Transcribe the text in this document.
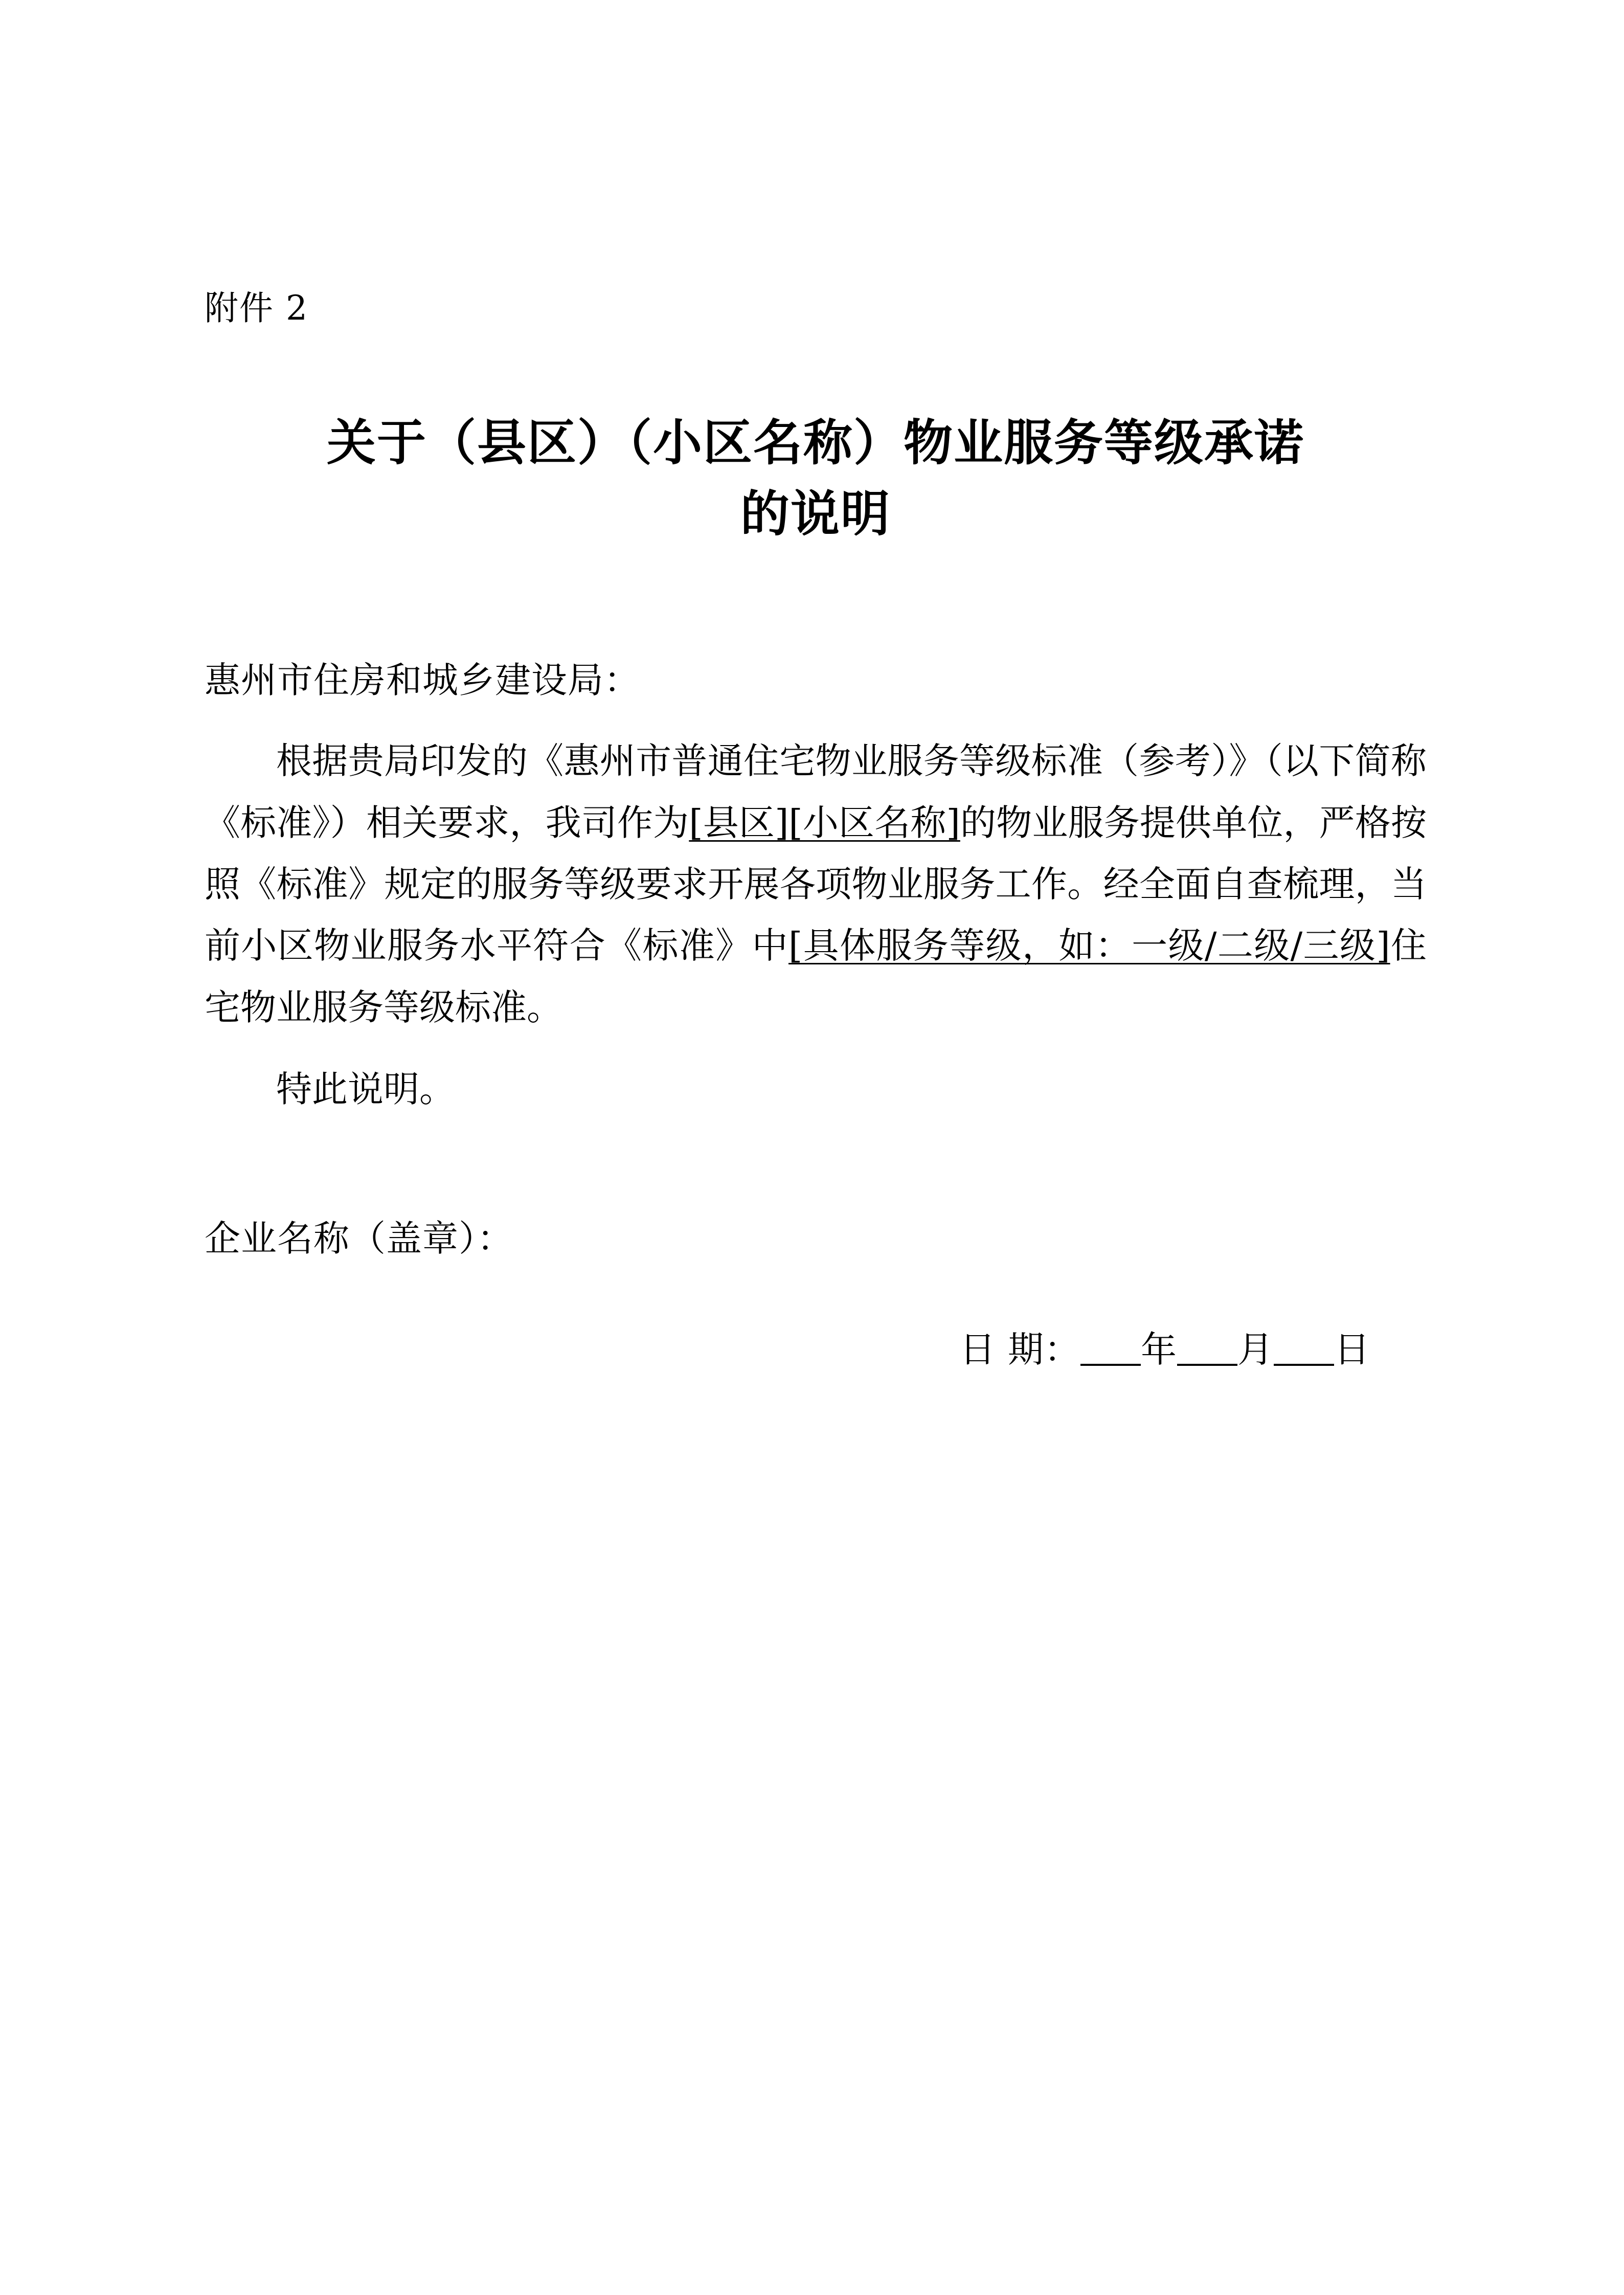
附件 2
关于（县区）（小区名称）物业服务等级承诺
的说明
惠州市住房和城乡建设局：

根据贵局印发的《惠州市普通住宅物业服务等级标准（参考）》（以下简称《标准》）相关要求，我司作为[县区][小区名称]的物业服务提供单位，严格按照《标准》规定的服务等级要求开展各项物业服务工作。经全面自查梳理，当前小区物业服务水平符合《标准》中[具体服务等级，如：一级/二级/三级]住宅物业服务等级标准。

特此说明。

企业名称（盖章）：
日 期： 年 月 日
